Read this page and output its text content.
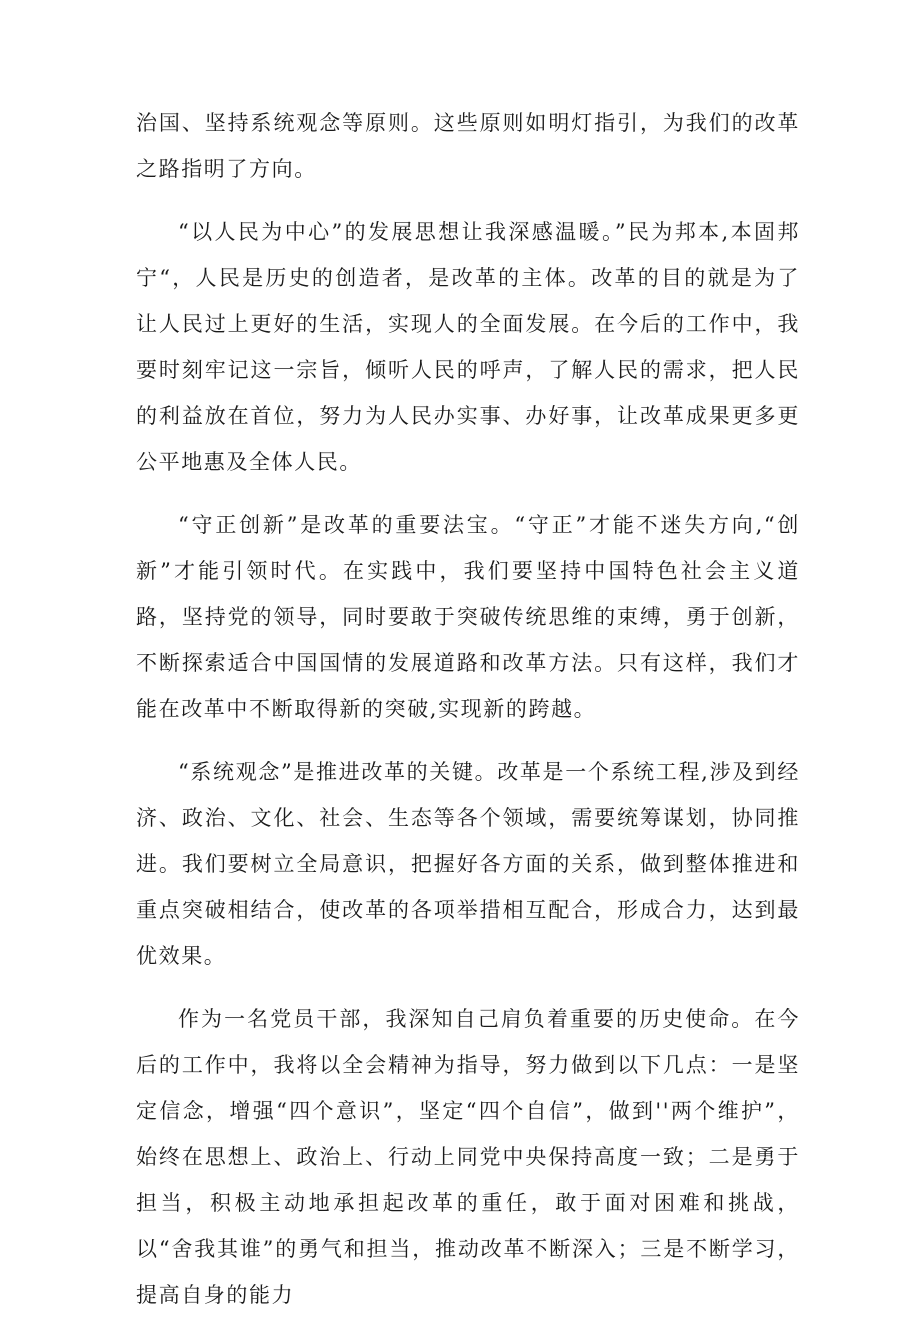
治国、坚持系统观念等原则。这些原则如明灯指引，为我们的改革之路指明了方向。

“以人民为中心”的发展思想让我深感温暖。”民为邦本,本固邦宁“，人民是历史的创造者，是改革的主体。改革的目的就是为了让人民过上更好的生活，实现人的全面发展。在今后的工作中，我要时刻牢记这一宗旨，倾听人民的呼声，了解人民的需求，把人民的利益放在首位，努力为人民办实事、办好事，让改革成果更多更公平地惠及全体人民。

“守正创新”是改革的重要法宝。“守正”才能不迷失方向,“创新”才能引领时代。在实践中，我们要坚持中国特色社会主义道路，坚持党的领导，同时要敢于突破传统思维的束缚，勇于创新，不断探索适合中国国情的发展道路和改革方法。只有这样，我们才能在改革中不断取得新的突破,实现新的跨越。

“系统观念”是推进改革的关键。改革是一个系统工程,涉及到经济、政治、文化、社会、生态等各个领域，需要统筹谋划，协同推进。我们要树立全局意识，把握好各方面的关系，做到整体推进和重点突破相结合，使改革的各项举措相互配合，形成合力，达到最优效果。

作为一名党员干部，我深知自己肩负着重要的历史使命。在今后的工作中，我将以全会精神为指导，努力做到以下几点：一是坚定信念，增强“四个意识”，坚定“四个自信”，做到''两个维护”，始终在思想上、政治上、行动上同党中央保持高度一致；二是勇于担当，积极主动地承担起改革的重任，敢于面对困难和挑战，以“舍我其谁”的勇气和担当，推动改革不断深入；三是不断学习，提高自身的能力
